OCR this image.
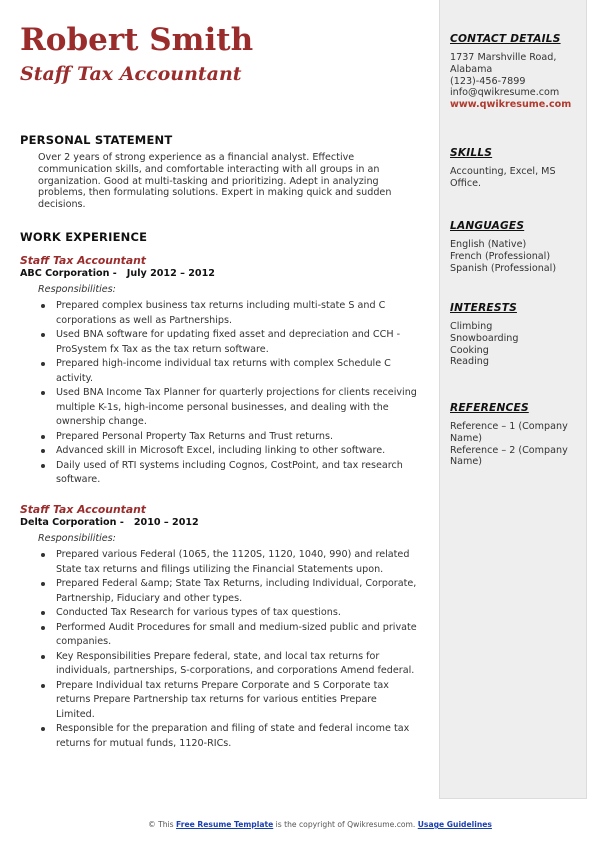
Robert Smith
Staff Tax Accountant
PERSONAL STATEMENT
Over 2 years of strong experience as a financial analyst. Effective communication skills, and comfortable interacting with all groups in an organization. Good at multi-tasking and prioritizing. Adept in analyzing problems, then formulating solutions. Expert in making quick and sudden decisions.
WORK EXPERIENCE
Staff Tax Accountant
ABC Corporation - July 2012 – 2012
Responsibilities:
Prepared complex business tax returns including multi-state S and C corporations as well as Partnerships.
Used BNA software for updating fixed asset and depreciation and CCH -ProSystem fx Tax as the tax return software.
Prepared high-income individual tax returns with complex Schedule C activity.
Used BNA Income Tax Planner for quarterly projections for clients receiving multiple K-1s, high-income personal businesses, and dealing with the ownership change.
Prepared Personal Property Tax Returns and Trust returns.
Advanced skill in Microsoft Excel, including linking to other software.
Daily used of RTI systems including Cognos, CostPoint, and tax research software.
Staff Tax Accountant
Delta Corporation - 2010 – 2012
Responsibilities:
Prepared various Federal (1065, the 1120S, 1120, 1040, 990) and related State tax returns and filings utilizing the Financial Statements upon.
Prepared Federal &amp; State Tax Returns, including Individual, Corporate, Partnership, Fiduciary and other types.
Conducted Tax Research for various types of tax questions.
Performed Audit Procedures for small and medium-sized public and private companies.
Key Responsibilities Prepare federal, state, and local tax returns for individuals, partnerships, S-corporations, and corporations Amend federal.
Prepare Individual tax returns Prepare Corporate and S Corporate tax returns Prepare Partnership tax returns for various entities Prepare Limited.
Responsible for the preparation and filing of state and federal income tax returns for mutual funds, 1120-RICs.
CONTACT DETAILS
1737 Marshville Road,
Alabama
(123)-456-7899
info@qwikresume.com
www.qwikresume.com
SKILLS
Accounting, Excel, MS Office.
LANGUAGES
English (Native)
French (Professional)
Spanish (Professional)
INTERESTS
Climbing
Snowboarding
Cooking
Reading
REFERENCES
Reference – 1 (Company Name)
Reference – 2 (Company Name)
© This Free Resume Template is the copyright of Qwikresume.com. Usage Guidelines
